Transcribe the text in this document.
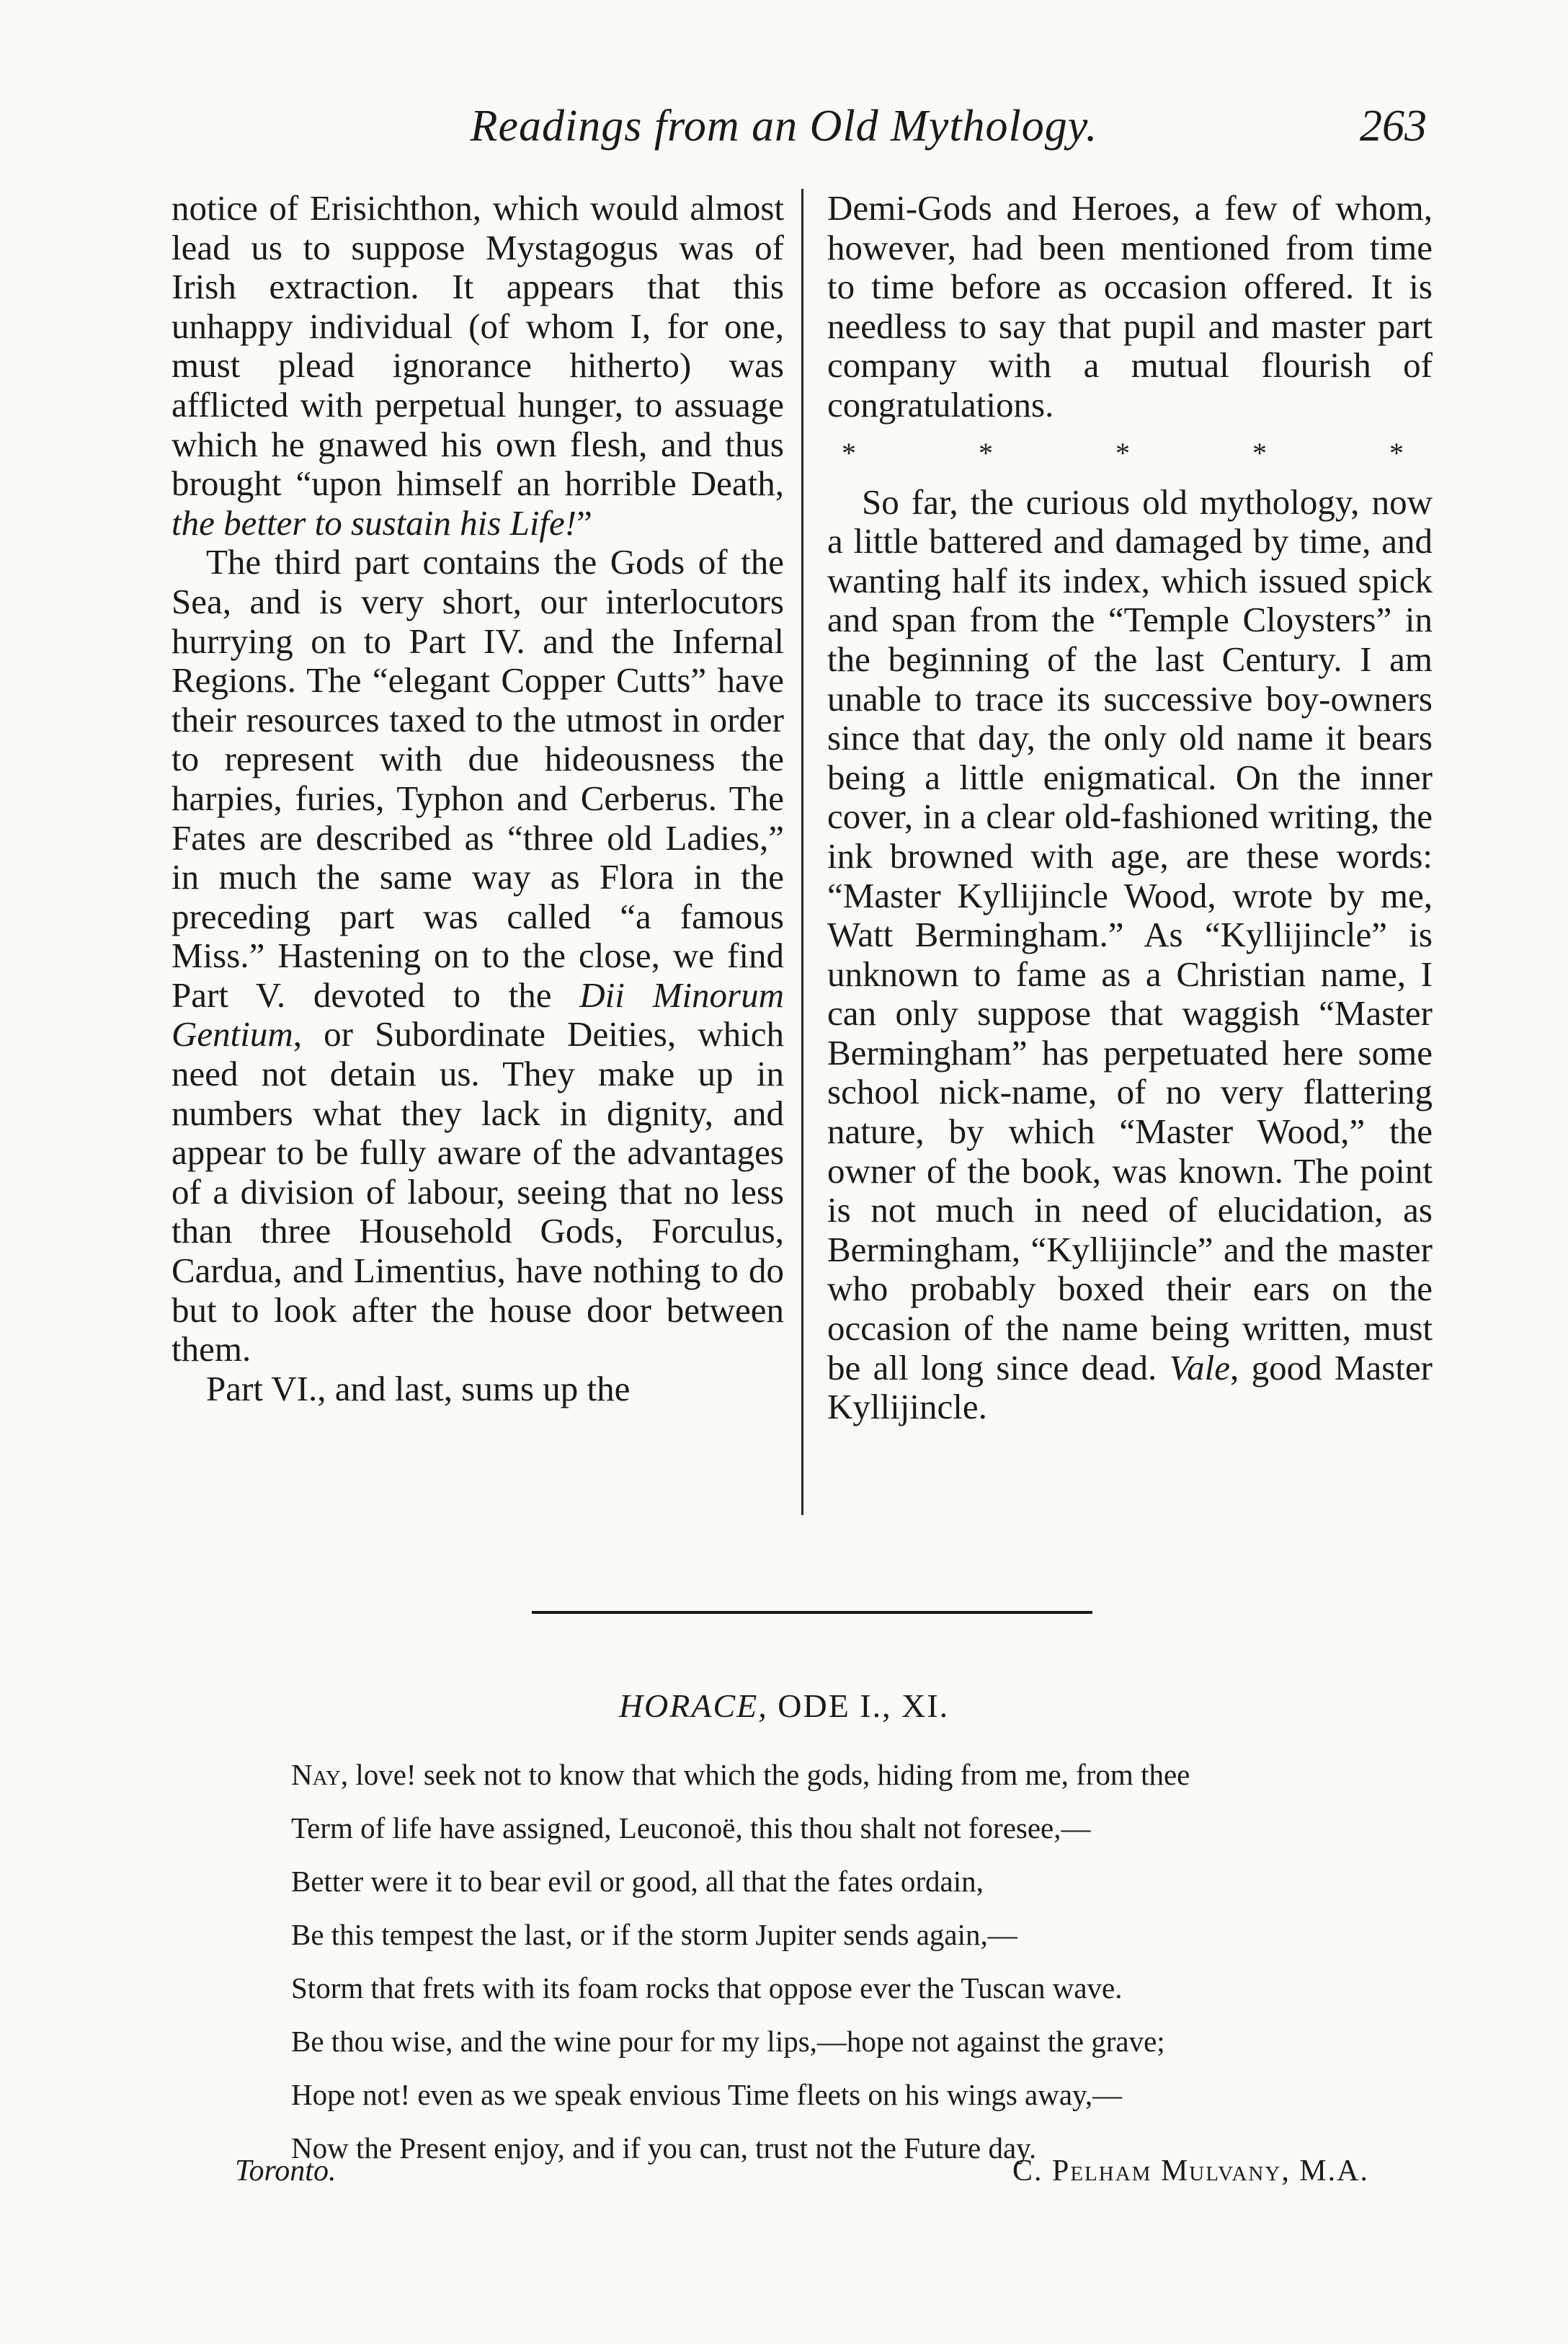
Readings from an Old Mythology.	263

notice of Erisichthon, which would almost lead us to suppose Mystagogus was of Irish extraction. It appears that this unhappy individual (of whom I, for one, must plead ignorance hitherto) was afflicted with perpetual hunger, to assuage which he gnawed his own flesh, and thus brought “upon himself an horrible Death, the better to sustain his Life!”

The third part contains the Gods of the Sea, and is very short, our interlocutors hurrying on to Part IV. and the Infernal Regions. The “elegant Copper Cutts” have their resources taxed to the utmost in order to represent with due hideousness the harpies, furies, Typhon and Cerberus. The Fates are described as “three old Ladies,” in much the same way as Flora in the preceding part was called “a famous Miss.” Hastening on to the close, we find Part V. devoted to the Dii Minorum Gentium, or Subordinate Deities, which need not detain us. They make up in numbers what they lack in dignity, and appear to be fully aware of the advantages of a division of labour, seeing that no less than three Household Gods, Forculus, Cardua, and Limentius, have nothing to do but to look after the house door between them.

Part VI., and last, sums up the

Demi-Gods and Heroes, a few of whom, however, had been mentioned from time to time before as occasion offered. It is needless to say that pupil and master part company with a mutual flourish of congratulations.

*	*	*	*	*

So far, the curious old mythology, now a little battered and damaged by time, and wanting half its index, which issued spick and span from the “Temple Cloysters” in the beginning of the last Century. I am unable to trace its successive boy-owners since that day, the only old name it bears being a little enigmatical. On the inner cover, in a clear old-fashioned writing, the ink browned with age, are these words: “Master Kyllijincle Wood, wrote by me, Watt Bermingham.” As “Kyllijincle” is unknown to fame as a Christian name, I can only suppose that waggish “Master Bermingham” has perpetuated here some school nick-name, of no very flattering nature, by which “Master Wood,” the owner of the book, was known. The point is not much in need of elucidation, as Bermingham, “Kyllijincle” and the master who probably boxed their ears on the occasion of the name being written, must be all long since dead. Vale, good Master Kyllijincle.

HORACE, ODE I., XI.
Nay, love! seek not to know that which the gods, hiding from me, from thee
Term of life have assigned, Leuconoë, this thou shalt not foresee,—
Better were it to bear evil or good, all that the fates ordain,
Be this tempest the last, or if the storm Jupiter sends again,—
Storm that frets with its foam rocks that oppose ever the Tuscan wave.
Be thou wise, and the wine pour for my lips,—hope not against the grave;
Hope not! even as we speak envious Time fleets on his wings away,—
Now the Present enjoy, and if you can, trust not the Future day.
Toronto.	C. Pelham Mulvany, M.A.
